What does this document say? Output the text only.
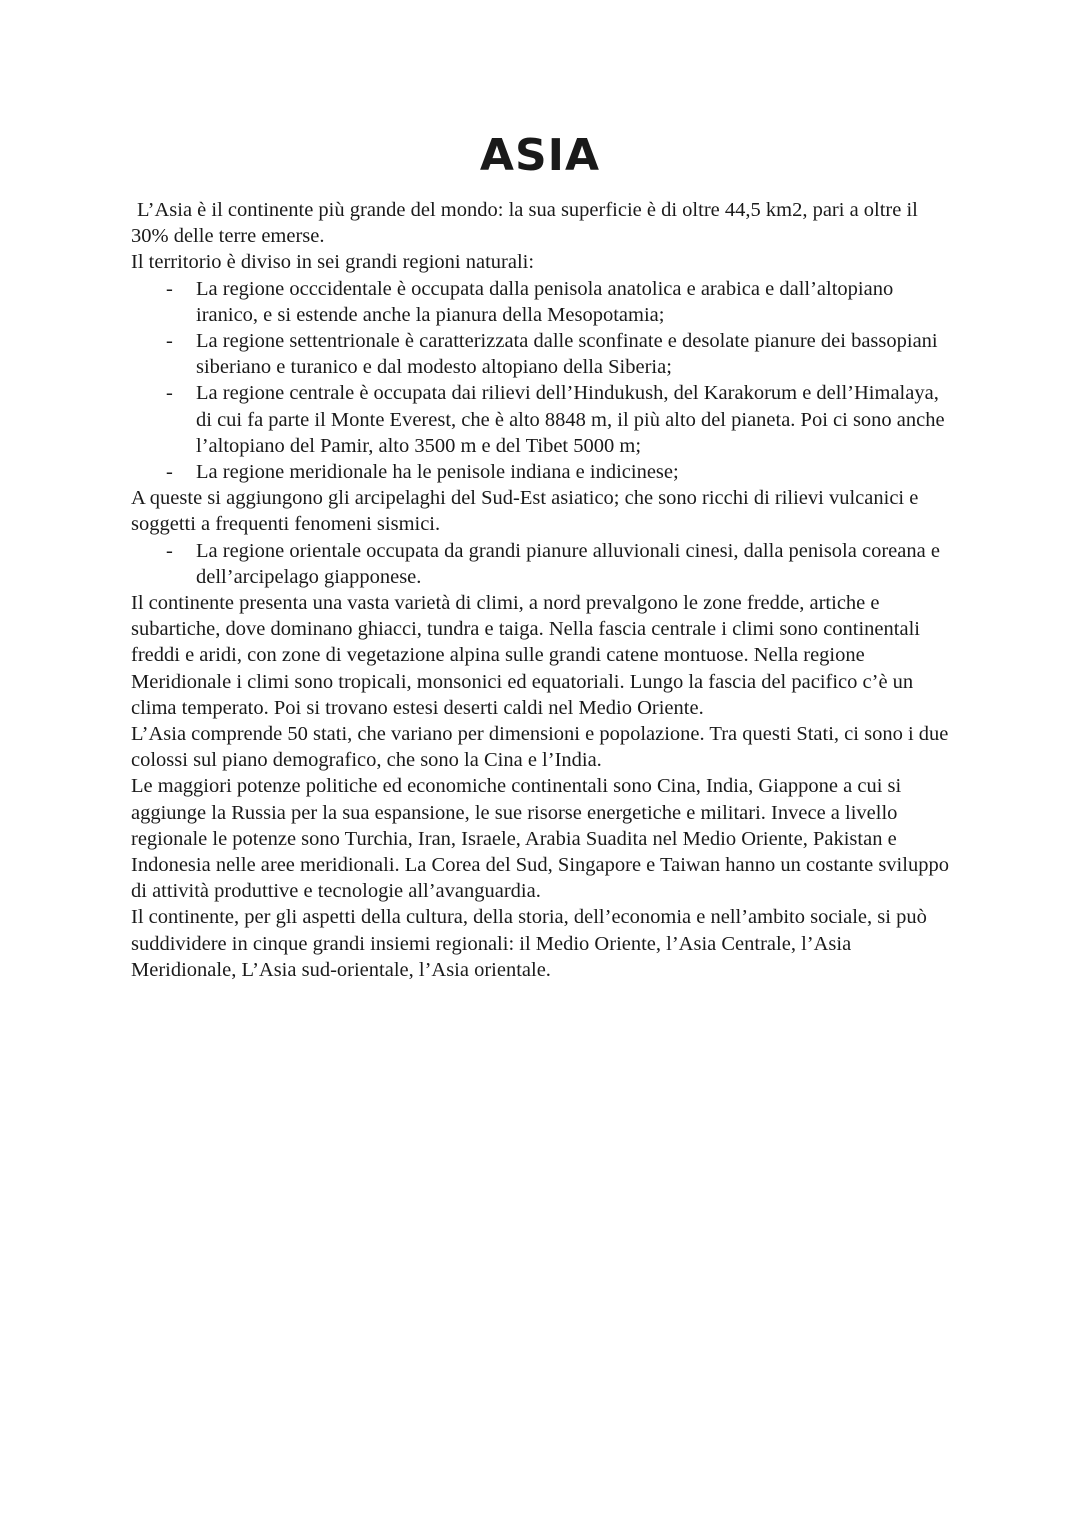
ASIA

L’Asia è il continente più grande del mondo: la sua superficie è di oltre 44,5 km2, pari a oltre il 30% delle terre emerse.

Il territorio è diviso in sei grandi regioni naturali:

- La regione occcidentale è occupata dalla penisola anatolica e arabica e dall’altopiano iranico, e si estende anche la pianura della Mesopotamia;
- La regione settentrionale è caratterizzata dalle sconfinate e desolate pianure dei bassopiani siberiano e turanico e dal modesto altopiano della Siberia;
- La regione centrale è occupata dai rilievi dell’Hindukush, del Karakorum e dell’Himalaya, di cui fa parte il Monte Everest, che è alto 8848 m, il più alto del pianeta. Poi ci sono anche l’altopiano del Pamir, alto 3500 m e del Tibet 5000 m;
- La regione meridionale ha le penisole indiana e indicinese;

A queste si aggiungono gli arcipelaghi del Sud-Est asiatico; che sono ricchi di rilievi vulcanici e soggetti a frequenti fenomeni sismici.

- La regione orientale occupata da grandi pianure alluvionali cinesi, dalla penisola coreana e dell’arcipelago giapponese.

Il continente presenta una vasta varietà di climi, a nord prevalgono le zone fredde, artiche e subartiche, dove dominano ghiacci, tundra e taiga. Nella fascia centrale i climi sono continentali freddi e aridi, con zone di vegetazione alpina sulle grandi catene montuose. Nella regione Meridionale i climi sono tropicali, monsonici ed equatoriali. Lungo la fascia del pacifico c’è un clima temperato. Poi si trovano estesi deserti caldi nel Medio Oriente.

L’Asia comprende 50 stati, che variano per dimensioni e popolazione. Tra questi Stati, ci sono i due colossi sul piano demografico, che sono la Cina e l’India.

Le maggiori potenze politiche ed economiche continentali sono Cina, India, Giappone a cui si aggiunge la Russia per la sua espansione, le sue risorse energetiche e militari. Invece a livello regionale le potenze sono Turchia, Iran, Israele, Arabia Suadita nel Medio Oriente, Pakistan e Indonesia nelle aree meridionali. La Corea del Sud, Singapore e Taiwan hanno un costante sviluppo di attività produttive e tecnologie all’avanguardia.

Il continente, per gli aspetti della cultura, della storia, dell’economia e nell’ambito sociale, si può suddividere in cinque grandi insiemi regionali: il Medio Oriente, l’Asia Centrale, l’Asia Meridionale, L’Asia sud-orientale, l’Asia orientale.
